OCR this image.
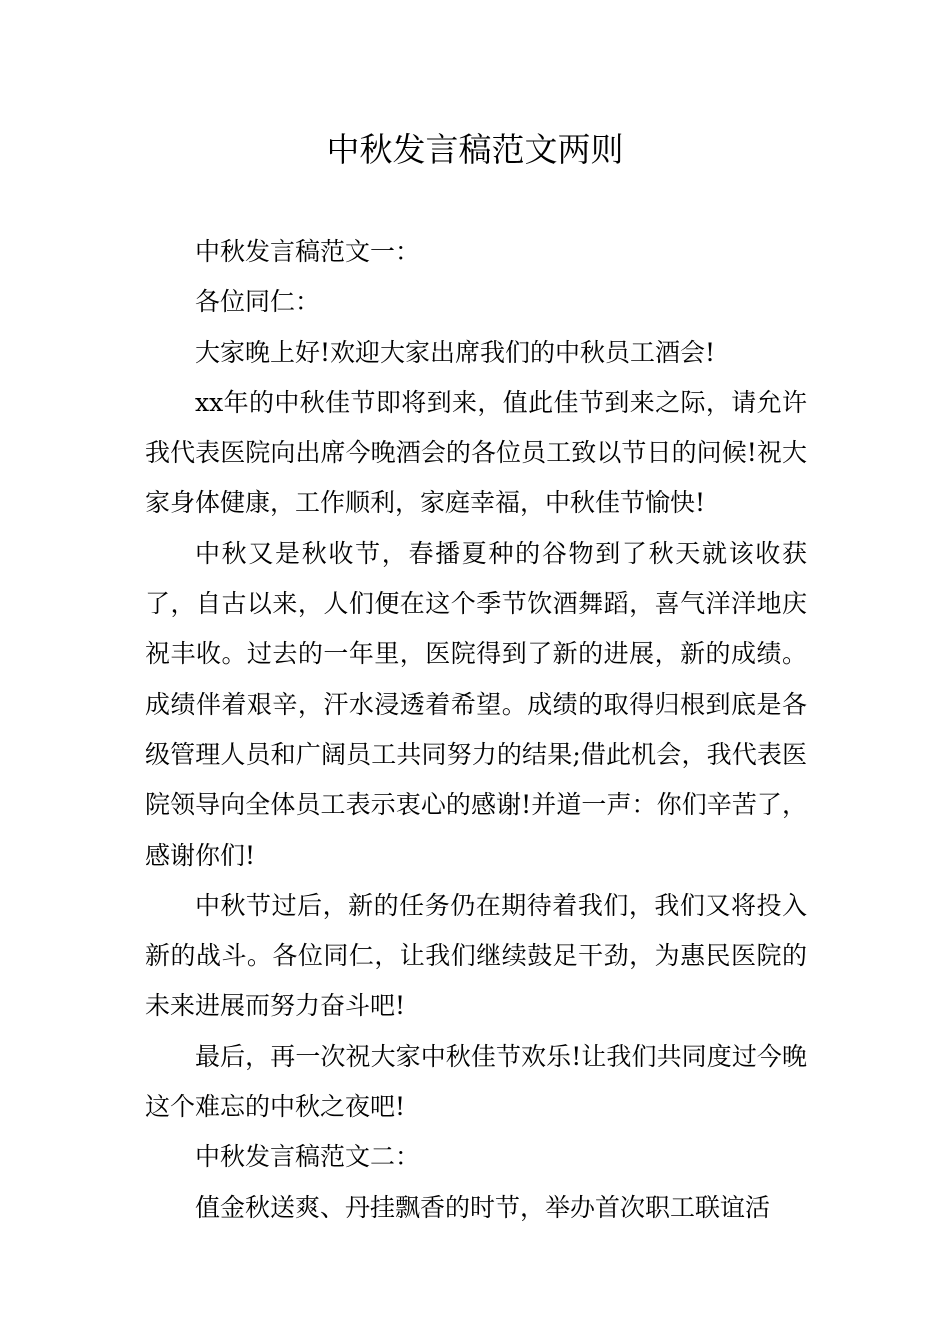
中秋发言稿范文两则

中秋发言稿范文一：

各位同仁：

大家晚上好!欢迎大家出席我们的中秋员工酒会!

xx年的中秋佳节即将到来，值此佳节到来之际，请允许我代表医院向出席今晚酒会的各位员工致以节日的问候!祝大家身体健康，工作顺利，家庭幸福，中秋佳节愉快!

中秋又是秋收节，春播夏种的谷物到了秋天就该收获了，自古以来，人们便在这个季节饮酒舞蹈，喜气洋洋地庆祝丰收。过去的一年里，医院得到了新的进展，新的成绩。成绩伴着艰辛，汗水浸透着希望。成绩的取得归根到底是各级管理人员和广阔员工共同努力的结果;借此机会，我代表医院领导向全体员工表示衷心的感谢!并道一声：你们辛苦了，感谢你们!

中秋节过后，新的任务仍在期待着我们，我们又将投入新的战斗。各位同仁，让我们继续鼓足干劲，为惠民医院的未来进展而努力奋斗吧!

最后，再一次祝大家中秋佳节欢乐!让我们共同度过今晚这个难忘的中秋之夜吧!

中秋发言稿范文二：

值金秋送爽、丹挂飘香的时节，举办首次职工联谊活
